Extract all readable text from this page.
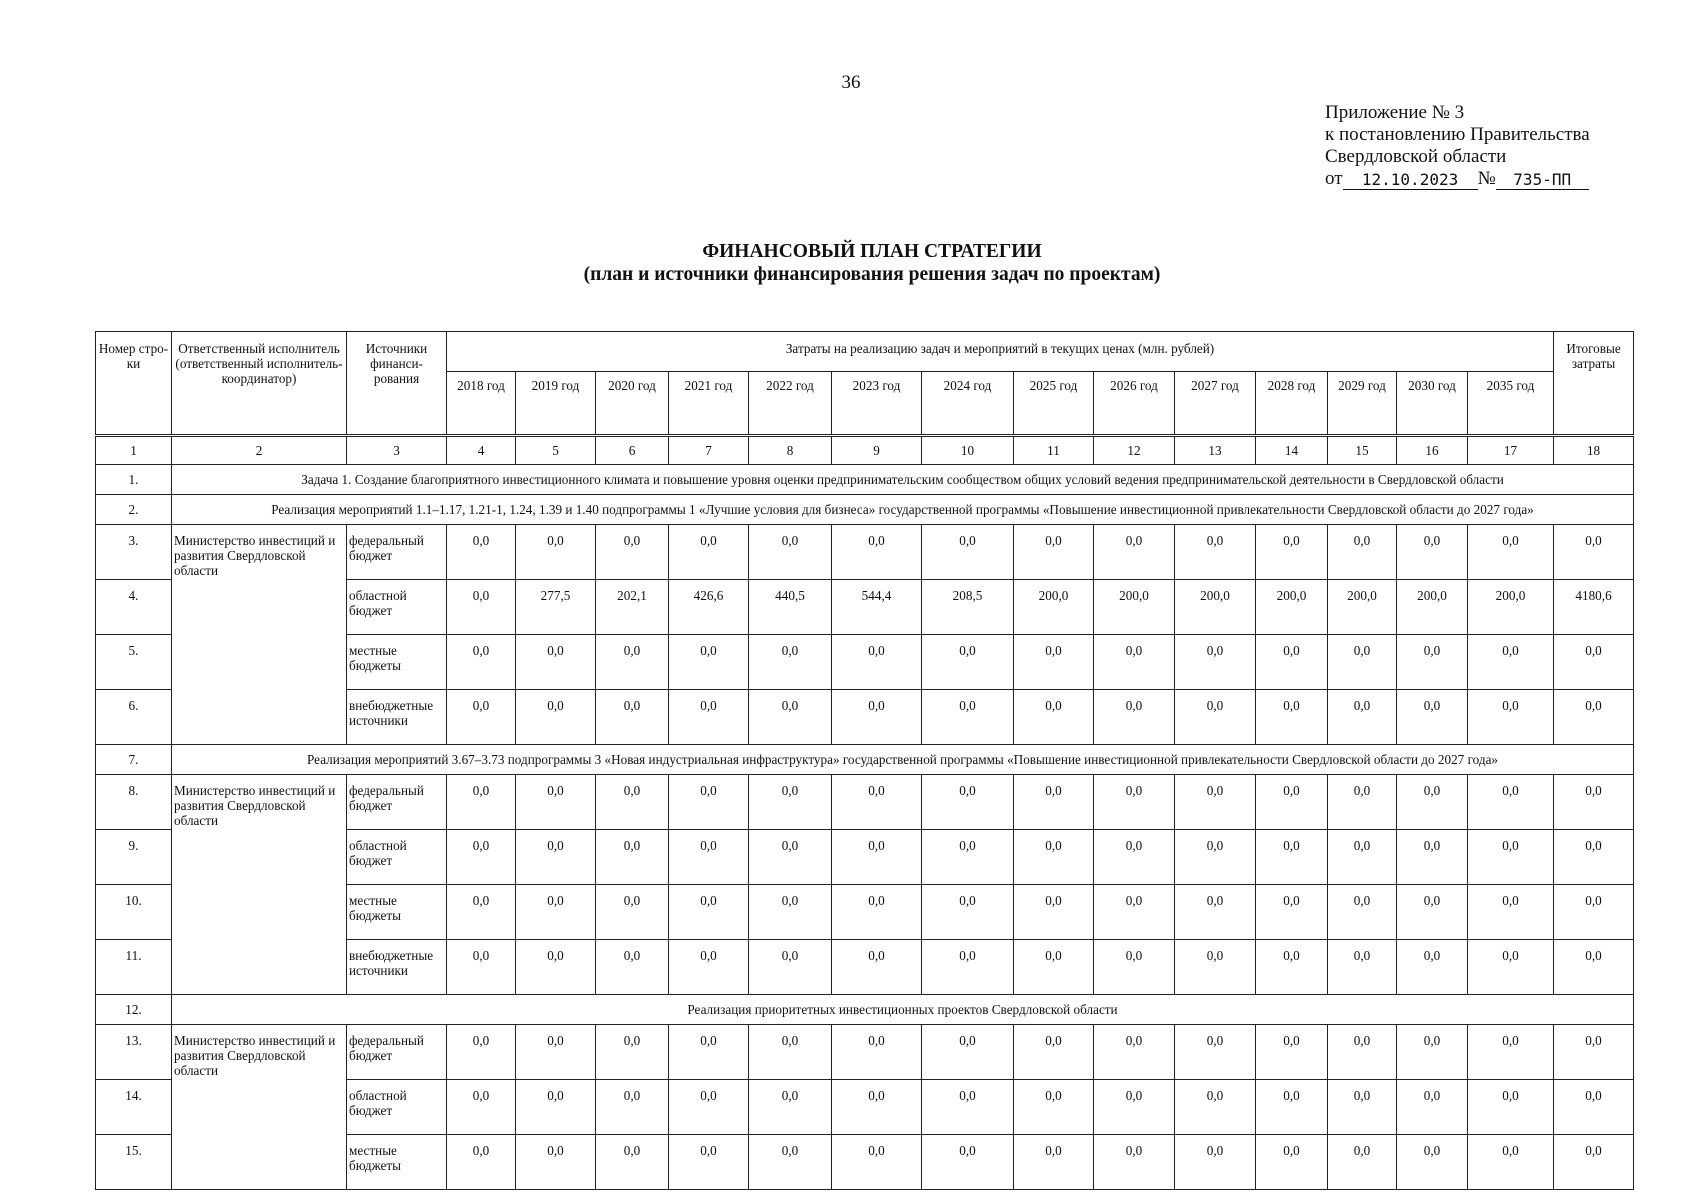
36
Приложение № 3
к постановлению Правительства
Свердловской области
от	12.10.2023	№	735-ПП
ФИНАНСОВЫЙ ПЛАН СТРАТЕГИИ
(план и источники финансирования решения задач по проектам)
Номер стро-ки	Ответственный исполнитель (ответственный исполнитель-координатор)	Источники финанси-рования	Затраты на реализацию задач и мероприятий в текущих ценах (млн. рублей)														Итоговые затраты
			2018 год	2019 год	2020 год	2021 год	2022 год	2023 год	2024 год	2025 год	2026 год	2027 год	2028 год	2029 год	2030 год	2035 год	
1	2	3	4	5	6	7	8	9	10	11	12	13	14	15	16	17	18
1.	Задача 1. Создание благоприятного инвестиционного климата и повышение уровня оценки предпринимательским сообществом общих условий ведения предпринимательской деятельности в Свердловской области																
2.	Реализация мероприятий 1.1–1.17, 1.21-1, 1.24, 1.39 и 1.40 подпрограммы 1 «Лучшие условия для бизнеса» государственной программы «Повышение инвестиционной привлекательности Свердловской области до 2027 года»																
3.	Министерство инвестиций и развития Свердловской области	федеральный бюджет	0,0	0,0	0,0	0,0	0,0	0,0	0,0	0,0	0,0	0,0	0,0	0,0	0,0	0,0	0,0
4.		областной бюджет	0,0	277,5	202,1	426,6	440,5	544,4	208,5	200,0	200,0	200,0	200,0	200,0	200,0	200,0	4180,6
5.		местные бюджеты	0,0	0,0	0,0	0,0	0,0	0,0	0,0	0,0	0,0	0,0	0,0	0,0	0,0	0,0	0,0
6.		внебюджетные источники	0,0	0,0	0,0	0,0	0,0	0,0	0,0	0,0	0,0	0,0	0,0	0,0	0,0	0,0	0,0
7.	Реализация мероприятий 3.67–3.73 подпрограммы 3 «Новая индустриальная инфраструктура» государственной программы «Повышение инвестиционной привлекательности Свердловской области до 2027 года»																
8.	Министерство инвестиций и развития Свердловской области	федеральный бюджет	0,0	0,0	0,0	0,0	0,0	0,0	0,0	0,0	0,0	0,0	0,0	0,0	0,0	0,0	0,0
9.		областной бюджет	0,0	0,0	0,0	0,0	0,0	0,0	0,0	0,0	0,0	0,0	0,0	0,0	0,0	0,0	0,0
10.		местные бюджеты	0,0	0,0	0,0	0,0	0,0	0,0	0,0	0,0	0,0	0,0	0,0	0,0	0,0	0,0	0,0
11.		внебюджетные источники	0,0	0,0	0,0	0,0	0,0	0,0	0,0	0,0	0,0	0,0	0,0	0,0	0,0	0,0	0,0
12.	Реализация приоритетных инвестиционных проектов Свердловской области																
13.	Министерство инвестиций и развития Свердловской области	федеральный бюджет	0,0	0,0	0,0	0,0	0,0	0,0	0,0	0,0	0,0	0,0	0,0	0,0	0,0	0,0	0,0
14.		областной бюджет	0,0	0,0	0,0	0,0	0,0	0,0	0,0	0,0	0,0	0,0	0,0	0,0	0,0	0,0	0,0
15.		местные бюджеты	0,0	0,0	0,0	0,0	0,0	0,0	0,0	0,0	0,0	0,0	0,0	0,0	0,0	0,0	0,0
